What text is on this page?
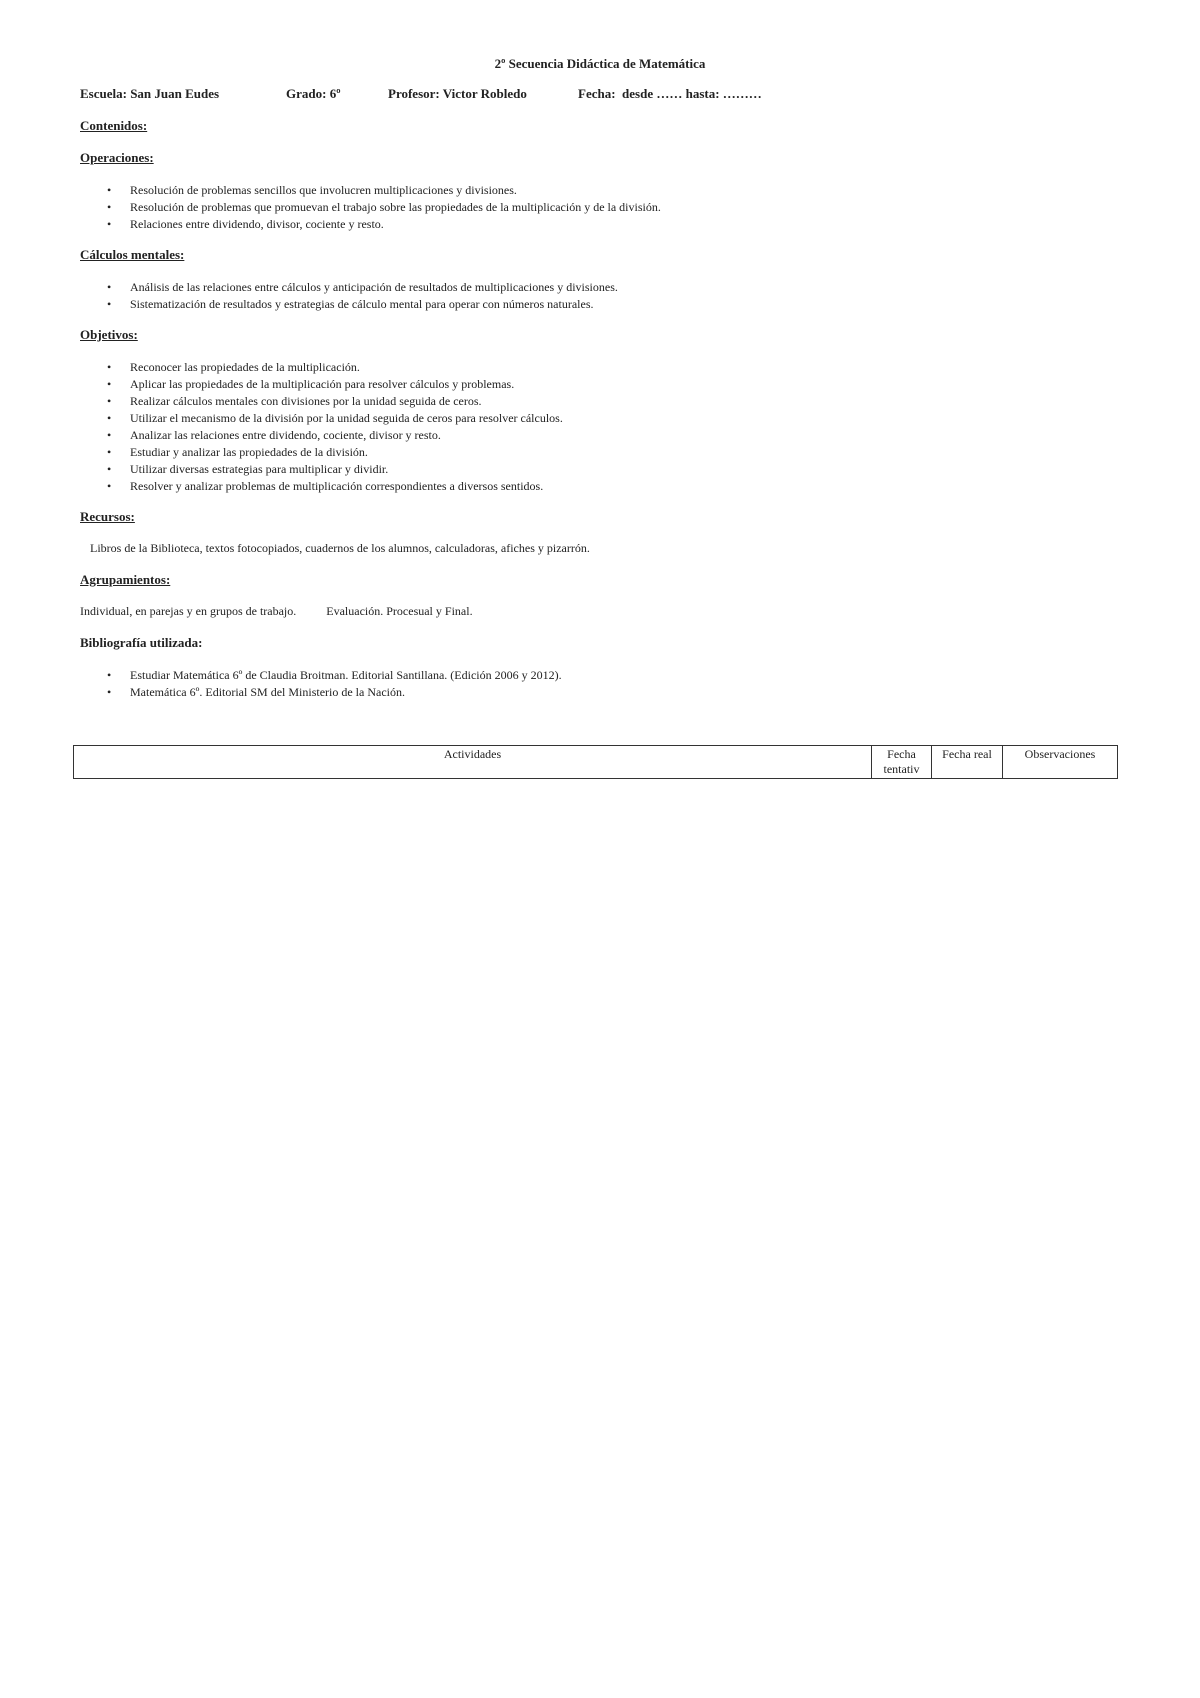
2º Secuencia Didáctica de Matemática
Escuela: San Juan Eudes	Grado: 6º	Profesor: Victor Robledo	Fecha:  desde …… hasta: ………
Contenidos:
Operaciones:
• Resolución de problemas sencillos que involucren multiplicaciones y divisiones.
• Resolución de problemas que promuevan el trabajo sobre las propiedades de la multiplicación y de la división.
• Relaciones entre dividendo, divisor, cociente y resto.
Cálculos mentales:
• Análisis de las relaciones entre cálculos y anticipación de resultados de multiplicaciones y divisiones.
• Sistematización de resultados y estrategias de cálculo mental para operar con números naturales.
Objetivos:
• Reconocer las propiedades de la multiplicación.
• Aplicar las propiedades de la multiplicación para resolver cálculos y problemas.
• Realizar cálculos mentales con divisiones por la unidad seguida de ceros.
• Utilizar el mecanismo de la división por la unidad seguida de ceros para resolver cálculos.
• Analizar las relaciones entre dividendo, cociente, divisor y resto.
• Estudiar y analizar las propiedades de la división.
• Utilizar diversas estrategias para multiplicar y dividir.
• Resolver y analizar problemas de multiplicación correspondientes a diversos sentidos.
Recursos:
Libros de la Biblioteca, textos fotocopiados, cuadernos de los alumnos, calculadoras, afiches y pizarrón.
Agrupamientos:
Individual, en parejas y en grupos de trabajo.	Evaluación. Procesual y Final.
Bibliografía utilizada:
• Estudiar Matemática 6º de Claudia Broitman. Editorial Santillana. (Edición 2006 y 2012).
• Matemática 6º. Editorial SM del Ministerio de la Nación.
Actividades	Fecha tentativ	Fecha real	Observaciones
